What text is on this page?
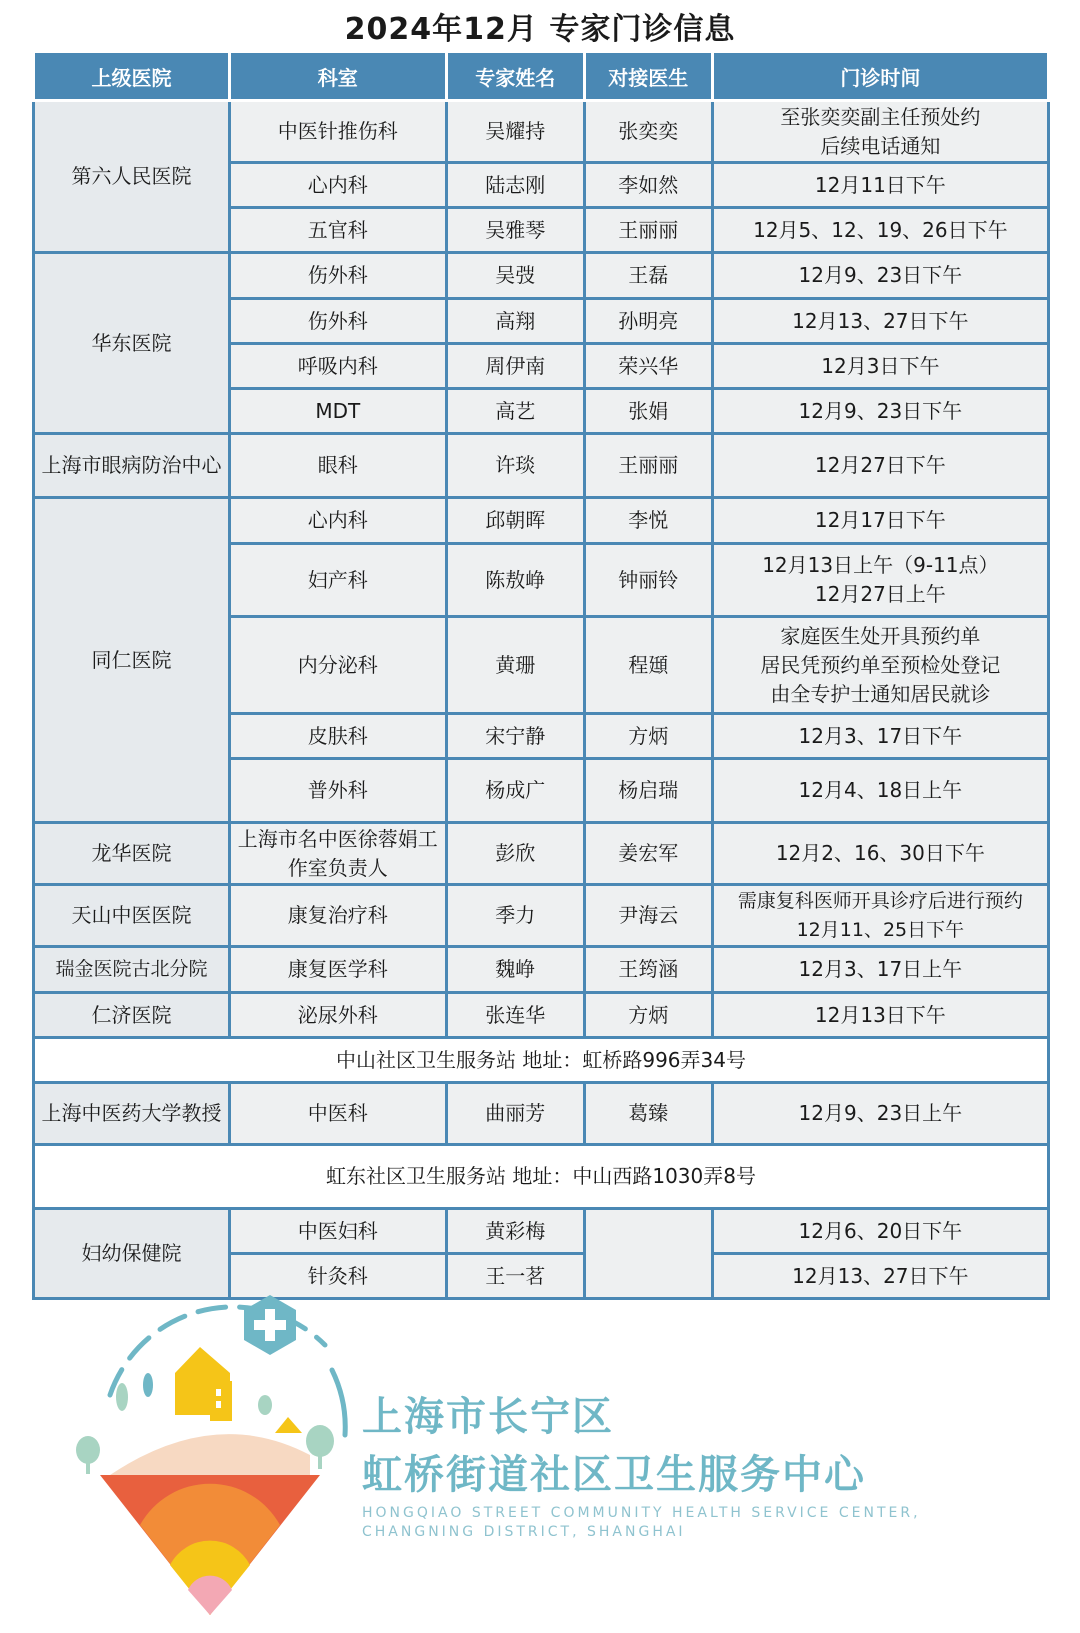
2024年12月 专家门诊信息
上级医院	科室	专家姓名	对接医生	门诊时间
第六人民医院	中医针推伤科	吴耀持	张奕奕	至张奕奕副主任预处约
后续电话通知

	心内科	陆志刚	李如然	12月11日下午
	五官科	吴雅琴	王丽丽	12月5、12、19、26日下午
华东医院	伤外科	吴弢	王磊	12月9、23日下午
	伤外科	高翔	孙明亮	12月13、27日下午
	呼吸内科	周伊南	荣兴华	12月3日下午
	MDT	高艺	张娟	12月9、23日下午
上海市眼病防治中心	眼科	许琰	王丽丽	12月27日下午
同仁医院	心内科	邱朝晖	李悦	12月17日下午
	妇产科	陈敖峥	钟丽铃	12月13日上午（9-11点）
12月27日上午

	内分泌科	黄珊	程頲	家庭医生处开具预约单
居民凭预约单至预检处登记
由全专护士通知居民就诊

	皮肤科	宋宁静	方炳	12月3、17日下午
	普外科	杨成广	杨启瑞	12月4、18日上午
龙华医院	上海市名中医徐蓉娟工作室负责人	彭欣	姜宏军	12月2、16、30日下午
天山中医医院	康复治疗科	季力	尹海云	需康复科医师开具诊疗后进行预约
12月11、25日下午

瑞金医院古北分院	康复医学科	魏峥	王筠涵	12月3、17日上午
仁济医院	泌尿外科	张连华	方炳	12月13日下午
中山社区卫生服务站 地址：虹桥路996弄34号				
上海中医药大学教授	中医科	曲丽芳	葛臻	12月9、23日上午
虹东社区卫生服务站 地址：中山西路1030弄8号				
妇幼保健院	中医妇科	黄彩梅		12月6、20日下午
	针灸科	王一茗		12月13、27日下午
上海市长宁区
虹桥街道社区卫生服务中心
HONGQIAO STREET COMMUNITY HEALTH SERVICE CENTER,
CHANGNING DISTRICT, SHANGHAI
